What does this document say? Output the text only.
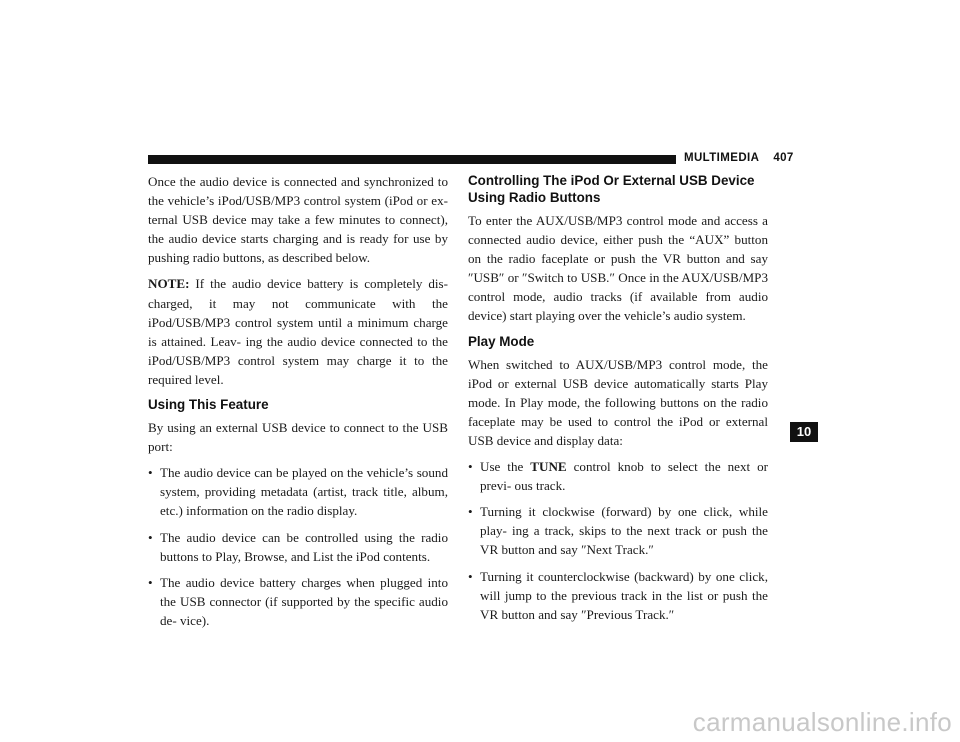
MULTIMEDIA 407

Once the audio device is connected and synchronized to the vehicle’s iPod/USB/MP3 control system (iPod or ex- ternal USB device may take a few minutes to connect), the audio device starts charging and is ready for use by pushing radio buttons, as described below.

NOTE: If the audio device battery is completely dis- charged, it may not communicate with the iPod/USB/MP3 control system until a minimum charge is attained. Leav- ing the audio device connected to the iPod/USB/MP3 control system may charge it to the required level.

Using This Feature

By using an external USB device to connect to the USB port:

• The audio device can be played on the vehicle’s sound system, providing metadata (artist, track title, album, etc.) information on the radio display.
• The audio device can be controlled using the radio buttons to Play, Browse, and List the iPod contents.
• The audio device battery charges when plugged into the USB connector (if supported by the specific audio de- vice).
Controlling The iPod Or External USB Device Using Radio Buttons

To enter the AUX/USB/MP3 control mode and access a connected audio device, either push the “AUX” button on the radio faceplate or push the VR button and say ″USB″ or ″Switch to USB.″ Once in the AUX/USB/MP3 control mode, audio tracks (if available from audio device) start playing over the vehicle’s audio system.

Play Mode

When switched to AUX/USB/MP3 control mode, the iPod or external USB device automatically starts Play mode. In Play mode, the following buttons on the radio faceplate may be used to control the iPod or external USB device and display data:

• Use the TUNE control knob to select the next or previ- ous track.
• Turning it clockwise (forward) by one click, while play- ing a track, skips to the next track or push the VR button and say ″Next Track.″
• Turning it counterclockwise (backward) by one click, will jump to the previous track in the list or push the VR button and say ″Previous Track.″
10
carmanualsonline.info
